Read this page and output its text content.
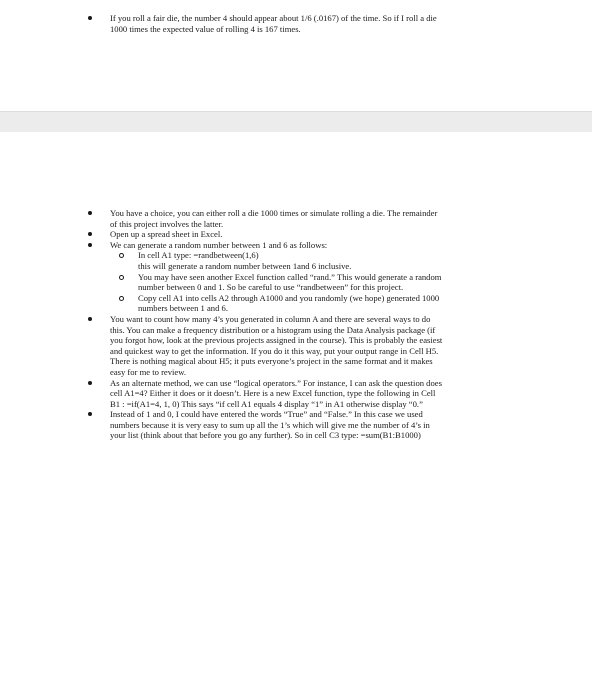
If you roll a fair die, the number 4 should appear about 1/6 (.0167) of the time. So if I roll a die
1000 times the expected value of rolling 4 is 167 times.
You have a choice, you can either roll a die 1000 times or simulate rolling a die. The remainder
of this project involves the latter.
Open up a spread sheet in Excel.
We can generate a random number between 1 and 6 as follows:
In cell A1 type: =randbetween(1,6)
this will generate a random number between 1and 6 inclusive.
You may have seen another Excel function called “rand.” This would generate a random
number between 0 and 1. So be careful to use “randbetween” for this project.
Copy cell A1 into cells A2 through A1000 and you randomly (we hope) generated 1000
numbers between 1 and 6.
You want to count how many 4’s you generated in column A and there are several ways to do
this. You can make a frequency distribution or a histogram using the Data Analysis package (if
you forgot how, look at the previous projects assigned in the course). This is probably the easiest
and quickest way to get the information. If you do it this way, put your output range in Cell H5.
There is nothing magical about H5; it puts everyone’s project in the same format and it makes
easy for me to review.
As an alternate method, we can use “logical operators.” For instance, I can ask the question does
cell A1=4? Either it does or it doesn’t. Here is a new Excel function, type the following in Cell
B1 : =if(A1=4, 1, 0) This says “if cell A1 equals 4 display “1” in A1 otherwise display “0.”
Instead of 1 and 0, I could have entered the words “True” and “False.” In this case we used
numbers because it is very easy to sum up all the 1’s which will give me the number of 4’s in
your list (think about that before you go any further). So in cell C3 type: =sum(B1:B1000)
